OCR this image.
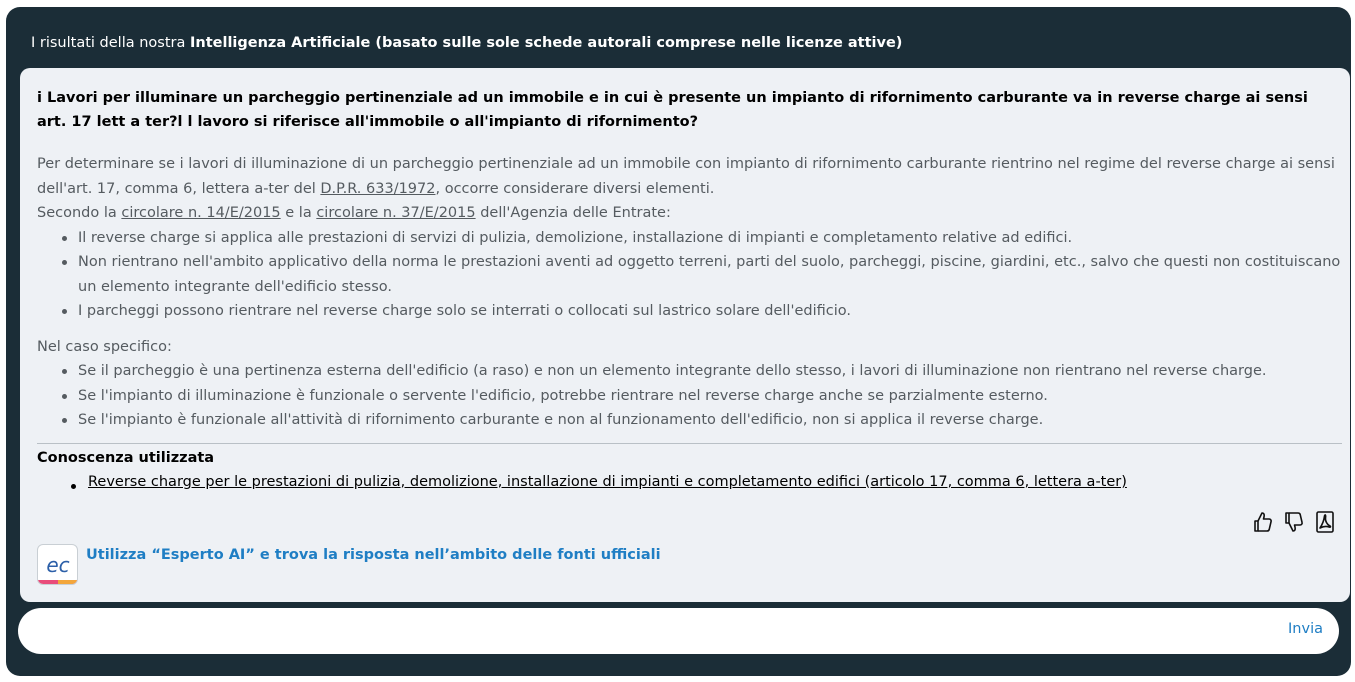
I risultati della nostra Intelligenza Artificiale (basato sulle sole schede autorali comprese nelle licenze attive)
i Lavori per illuminare un parcheggio pertinenziale ad un immobile e in cui è presente un impianto di rifornimento carburante va in reverse charge ai sensi art. 17 lett a ter?l l lavoro si riferisce all'immobile o all'impianto di rifornimento?
Per determinare se i lavori di illuminazione di un parcheggio pertinenziale ad un immobile con impianto di rifornimento carburante rientrino nel regime del reverse charge ai sensi dell'art. 17, comma 6, lettera a-ter del D.P.R. 633/1972, occorre considerare diversi elementi.
Secondo la circolare n. 14/E/2015 e la circolare n. 37/E/2015 dell'Agenzia delle Entrate:
Il reverse charge si applica alle prestazioni di servizi di pulizia, demolizione, installazione di impianti e completamento relative ad edifici.
Non rientrano nell'ambito applicativo della norma le prestazioni aventi ad oggetto terreni, parti del suolo, parcheggi, piscine, giardini, etc., salvo che questi non costituiscano un elemento integrante dell'edificio stesso.
I parcheggi possono rientrare nel reverse charge solo se interrati o collocati sul lastrico solare dell'edificio.
Nel caso specifico:
Se il parcheggio è una pertinenza esterna dell'edificio (a raso) e non un elemento integrante dello stesso, i lavori di illuminazione non rientrano nel reverse charge.
Se l'impianto di illuminazione è funzionale o servente l'edificio, potrebbe rientrare nel reverse charge anche se parzialmente esterno.
Se l'impianto è funzionale all'attività di rifornimento carburante e non al funzionamento dell'edificio, non si applica il reverse charge.
Conoscenza utilizzata
Reverse charge per le prestazioni di pulizia, demolizione, installazione di impianti e completamento edifici (articolo 17, comma 6, lettera a-ter)
ec Utilizza “Esperto AI” e trova la risposta nell’ambito delle fonti ufficiali
Invia
